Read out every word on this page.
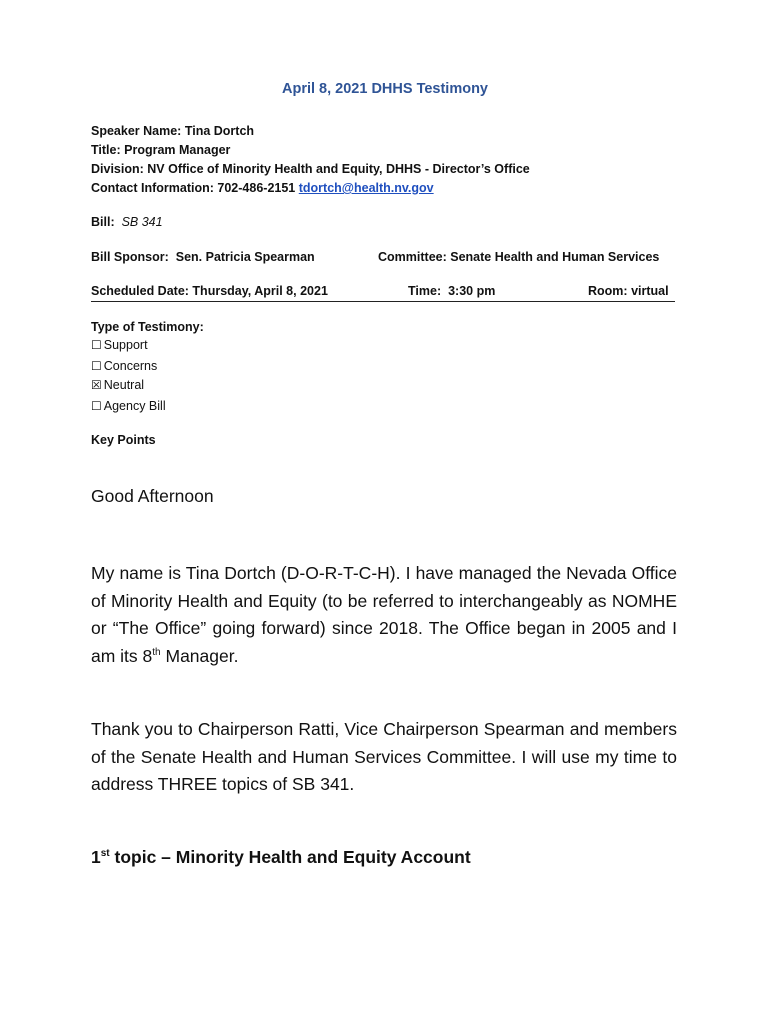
April 8, 2021 DHHS Testimony
Speaker Name: Tina Dortch
Title: Program Manager
Division: NV Office of Minority Health and Equity, DHHS - Director’s Office
Contact Information: 702-486-2151 tdortch@health.nv.gov
Bill: SB 341
Bill Sponsor: Sen. Patricia Spearman	Committee: Senate Health and Human Services
Scheduled Date: Thursday, April 8, 2021	Time: 3:30 pm	Room: virtual
Type of Testimony:
☐ Support
☐ Concerns
☒ Neutral
☐ Agency Bill
Key Points
Good Afternoon
My name is Tina Dortch (D-O-R-T-C-H). I have managed the Nevada Office of Minority Health and Equity (to be referred to interchangeably as NOMHE or “The Office” going forward) since 2018. The Office began in 2005 and I am its 8th Manager.
Thank you to Chairperson Ratti, Vice Chairperson Spearman and members of the Senate Health and Human Services Committee. I will use my time to address THREE topics of SB 341.
1st topic – Minority Health and Equity Account
